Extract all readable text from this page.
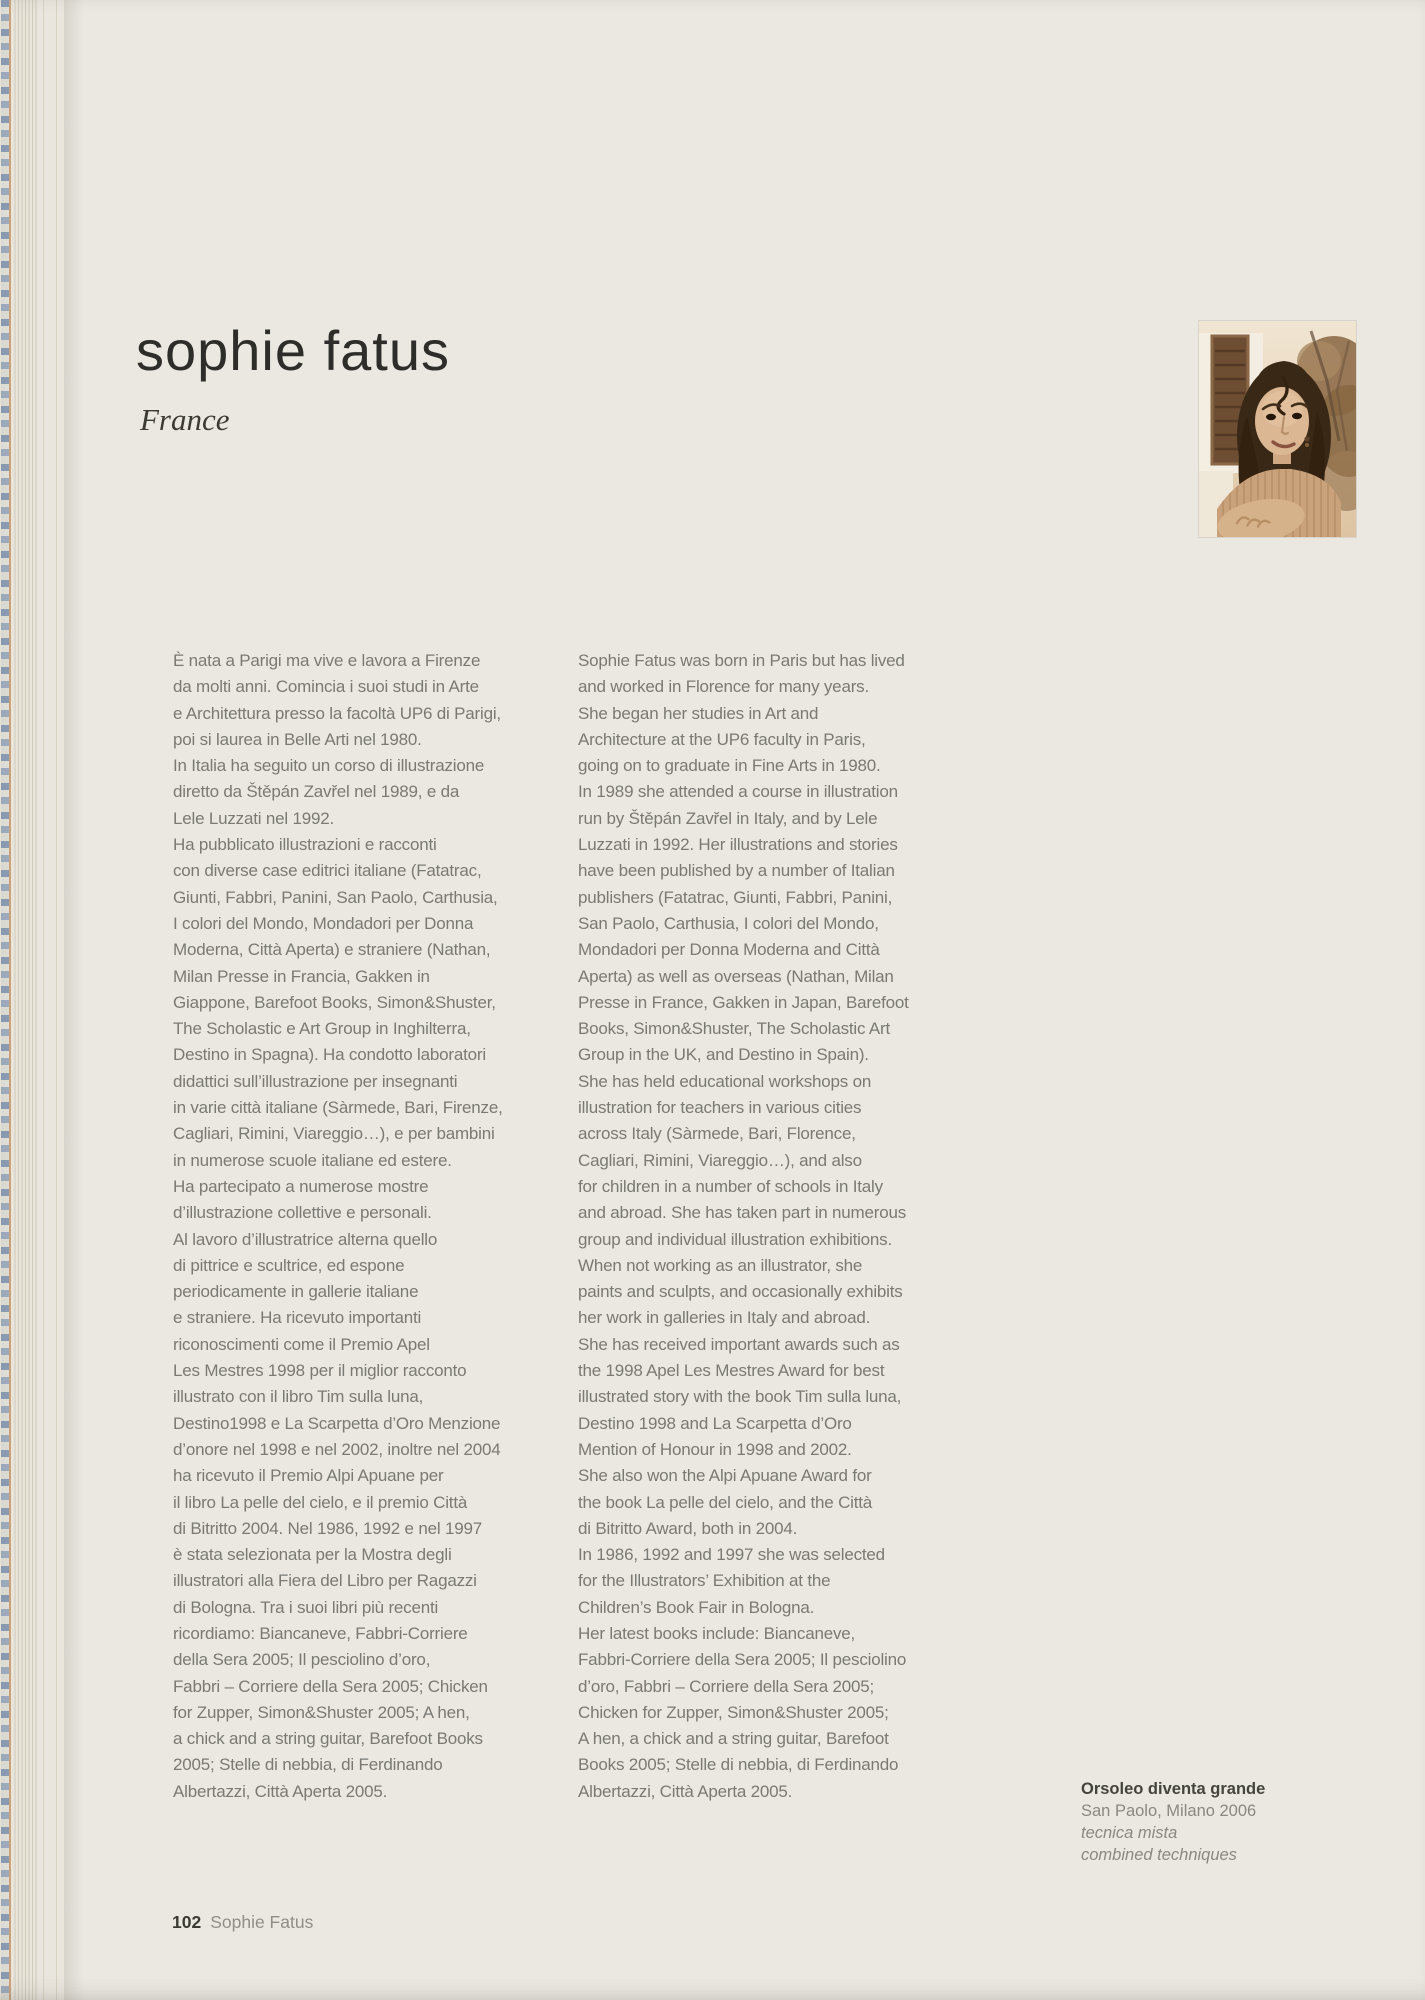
sophie fatus
France
È nata a Parigi ma vive e lavora a Firenze
da molti anni. Comincia i suoi studi in Arte
e Architettura presso la facoltà UP6 di Parigi,
poi si laurea in Belle Arti nel 1980.
In Italia ha seguito un corso di illustrazione
diretto da Štěpán Zavřel nel 1989, e da
Lele Luzzati nel 1992.
Ha pubblicato illustrazioni e racconti
con diverse case editrici italiane (Fatatrac,
Giunti, Fabbri, Panini, San Paolo, Carthusia,
I colori del Mondo, Mondadori per Donna
Moderna, Città Aperta) e straniere (Nathan,
Milan Presse in Francia, Gakken in
Giappone, Barefoot Books, Simon&Shuster,
The Scholastic e Art Group in Inghilterra,
Destino in Spagna). Ha condotto laboratori
didattici sull’illustrazione per insegnanti
in varie città italiane (Sàrmede, Bari, Firenze,
Cagliari, Rimini, Viareggio…), e per bambini
in numerose scuole italiane ed estere.
Ha partecipato a numerose mostre
d’illustrazione collettive e personali.
Al lavoro d’illustratrice alterna quello
di pittrice e scultrice, ed espone
periodicamente in gallerie italiane
e straniere. Ha ricevuto importanti
riconoscimenti come il Premio Apel
Les Mestres 1998 per il miglior racconto
illustrato con il libro Tim sulla luna,
Destino1998 e La Scarpetta d’Oro Menzione
d’onore nel 1998 e nel 2002, inoltre nel 2004
ha ricevuto il Premio Alpi Apuane per
il libro La pelle del cielo, e il premio Città
di Bitritto 2004. Nel 1986, 1992 e nel 1997
è stata selezionata per la Mostra degli
illustratori alla Fiera del Libro per Ragazzi
di Bologna. Tra i suoi libri più recenti
ricordiamo: Biancaneve, Fabbri-Corriere
della Sera 2005; Il pesciolino d’oro,
Fabbri – Corriere della Sera 2005; Chicken
for Zupper, Simon&Shuster 2005; A hen,
a chick and a string guitar, Barefoot Books
2005; Stelle di nebbia, di Ferdinando
Albertazzi, Città Aperta 2005.
Sophie Fatus was born in Paris but has lived
and worked in Florence for many years.
She began her studies in Art and
Architecture at the UP6 faculty in Paris,
going on to graduate in Fine Arts in 1980.
In 1989 she attended a course in illustration
run by Štěpán Zavřel in Italy, and by Lele
Luzzati in 1992. Her illustrations and stories
have been published by a number of Italian
publishers (Fatatrac, Giunti, Fabbri, Panini,
San Paolo, Carthusia, I colori del Mondo,
Mondadori per Donna Moderna and Città
Aperta) as well as overseas (Nathan, Milan
Presse in France, Gakken in Japan, Barefoot
Books, Simon&Shuster, The Scholastic Art
Group in the UK, and Destino in Spain).
She has held educational workshops on
illustration for teachers in various cities
across Italy (Sàrmede, Bari, Florence,
Cagliari, Rimini, Viareggio…), and also
for children in a number of schools in Italy
and abroad. She has taken part in numerous
group and individual illustration exhibitions.
When not working as an illustrator, she
paints and sculpts, and occasionally exhibits
her work in galleries in Italy and abroad.
She has received important awards such as
the 1998 Apel Les Mestres Award for best
illustrated story with the book Tim sulla luna,
Destino 1998 and La Scarpetta d’Oro
Mention of Honour in 1998 and 2002.
She also won the Alpi Apuane Award for
the book La pelle del cielo, and the Città
di Bitritto Award, both in 2004.
In 1986, 1992 and 1997 she was selected
for the Illustrators’ Exhibition at the
Children’s Book Fair in Bologna.
Her latest books include: Biancaneve,
Fabbri-Corriere della Sera 2005; Il pesciolino
d’oro, Fabbri – Corriere della Sera 2005;
Chicken for Zupper, Simon&Shuster 2005;
A hen, a chick and a string guitar, Barefoot
Books 2005; Stelle di nebbia, di Ferdinando
Albertazzi, Città Aperta 2005.	Orsoleo diventa grande
San Paolo, Milano 2006
tecnica mista
combined techniques
102 Sophie Fatus
